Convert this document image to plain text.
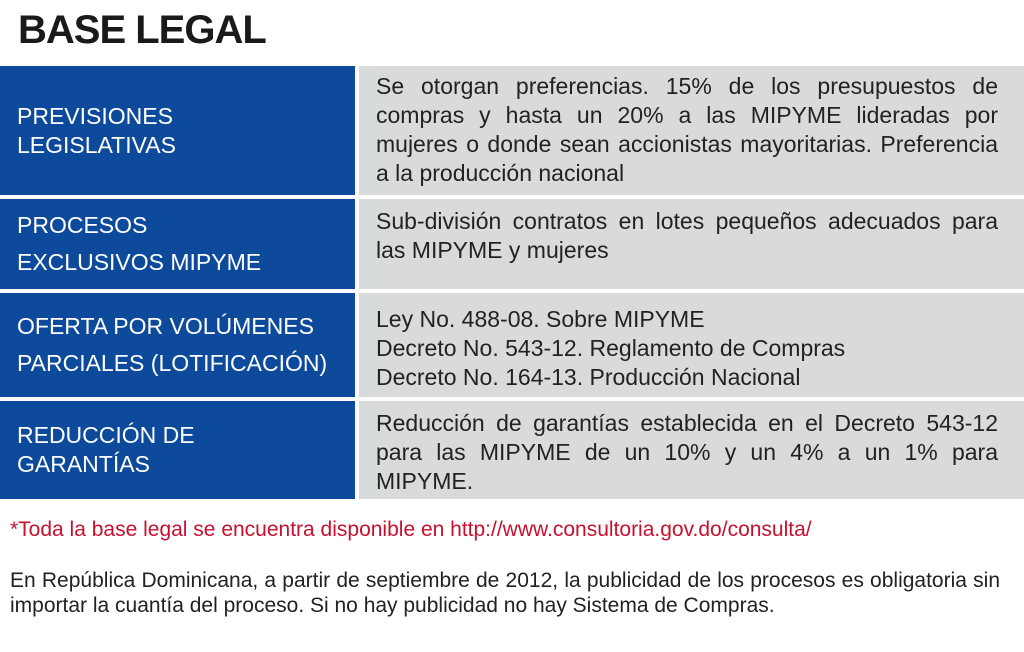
BASE LEGAL
PREVISIONES
LEGISLATIVAS
Se otorgan preferencias. 15% de los presupuestos de compras y hasta un 20% a las MIPYME lideradas por mujeres o donde sean accionistas mayoritarias. Preferencia a la producción nacional
PROCESOS
EXCLUSIVOS MIPYME
Sub-división contratos en lotes pequeños adecuados para las MIPYME y mujeres
OFERTA POR VOLÚMENES
PARCIALES (LOTIFICACIÓN)
Ley No. 488-08. Sobre MIPYME
Decreto No. 543-12. Reglamento de Compras
Decreto No. 164-13. Producción Nacional
REDUCCIÓN DE
GARANTÍAS
Reducción de garantías establecida en el Decreto 543-12 para las MIPYME de un 10% y un 4% a un 1% para MIPYME.

*Toda la base legal se encuentra disponible en http://www.consultoria.gov.do/consulta/

En República Dominicana, a partir de septiembre de 2012, la publicidad de los procesos es obligatoria sin importar la cuantía del proceso. Si no hay publicidad no hay Sistema de Compras.
